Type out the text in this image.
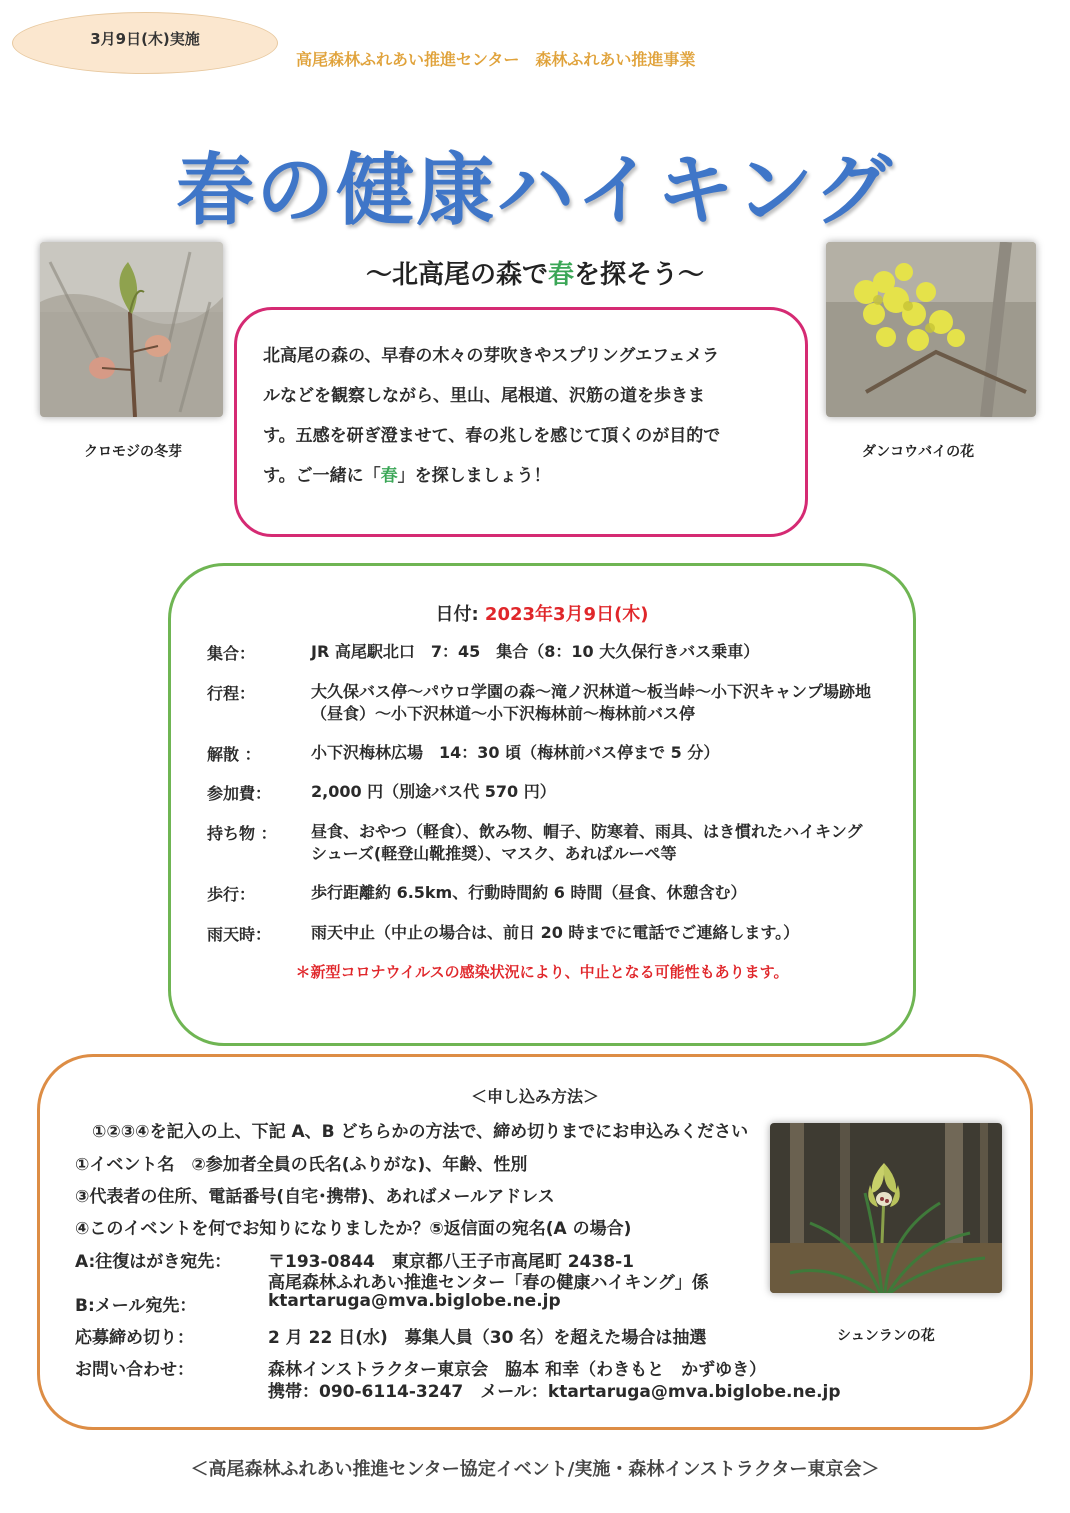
3月9日(木)実施
高尾森林ふれあい推進センター　森林ふれあい推進事業
春の健康ハイキング
～北高尾の森で春を探そう～
クロモジの冬芽	ダンコウバイの花

北高尾の森の、早春の木々の芽吹きやスプリングエフェメラ

ルなどを観察しながら、里山、尾根道、沢筋の道を歩きま

す。五感を研ぎ澄ませて、春の兆しを感じて頂くのが目的で

す。ご一緒に「春」を探しましょう！

日付: 2023年3月9日(木)
集合：	JR 高尾駅北口　7：45　集合（8：10 大久保行きバス乗車）
行程：	大久保バス停～パウロ学園の森～滝ノ沢林道～板当峠～小下沢キャンプ場跡地（昼食）～小下沢林道～小下沢梅林前～梅林前バス停
解散 ：	小下沢梅林広場　14：30 頃（梅林前バス停まで 5 分）
参加費： 2,000 円（別途バス代 570 円）
持ち物 ： 昼食、おやつ（軽食）、飲み物、帽子、防寒着、雨具、はき慣れたハイキングシューズ(軽登山靴推奨）、マスク、あればルーペ等
歩行：	歩行距離約 6.5km、行動時間約 6 時間（昼食、休憩含む）
雨天時： 雨天中止（中止の場合は、前日 20 時までに電話でご連絡します。）
＊新型コロナウイルスの感染状況により、中止となる可能性もあります。
＜申し込み方法＞
①②③④を記入の上、下記 A、B どちらかの方法で、締め切りまでにお申込みください
①イベント名　②参加者全員の氏名(ふりがな)、年齢、性別
③代表者の住所、電話番号(自宅･携帯)、あればメールアドレス
④このイベントを何でお知りになりましたか？⑤返信面の宛名(A の場合)
シュンランの花
A:往復はがき宛先： 〒193-0844　東京都八王子市高尾町 2438-1
高尾森林ふれあい推進センター「春の健康ハイキング」係
B:メール宛先：	ktartaruga@mva.biglobe.ne.jp
応募締め切り：	2 月 22 日(水)　募集人員（30 名）を超えた場合は抽選
お問い合わせ：	森林インストラクター東京会　脇本 和幸（わきもと　かずゆき）
携帯：090-6114-3247　メール：ktartaruga@mva.biglobe.ne.jp
＜高尾森林ふれあい推進センター協定イベント/実施・森林インストラクター東京会＞
